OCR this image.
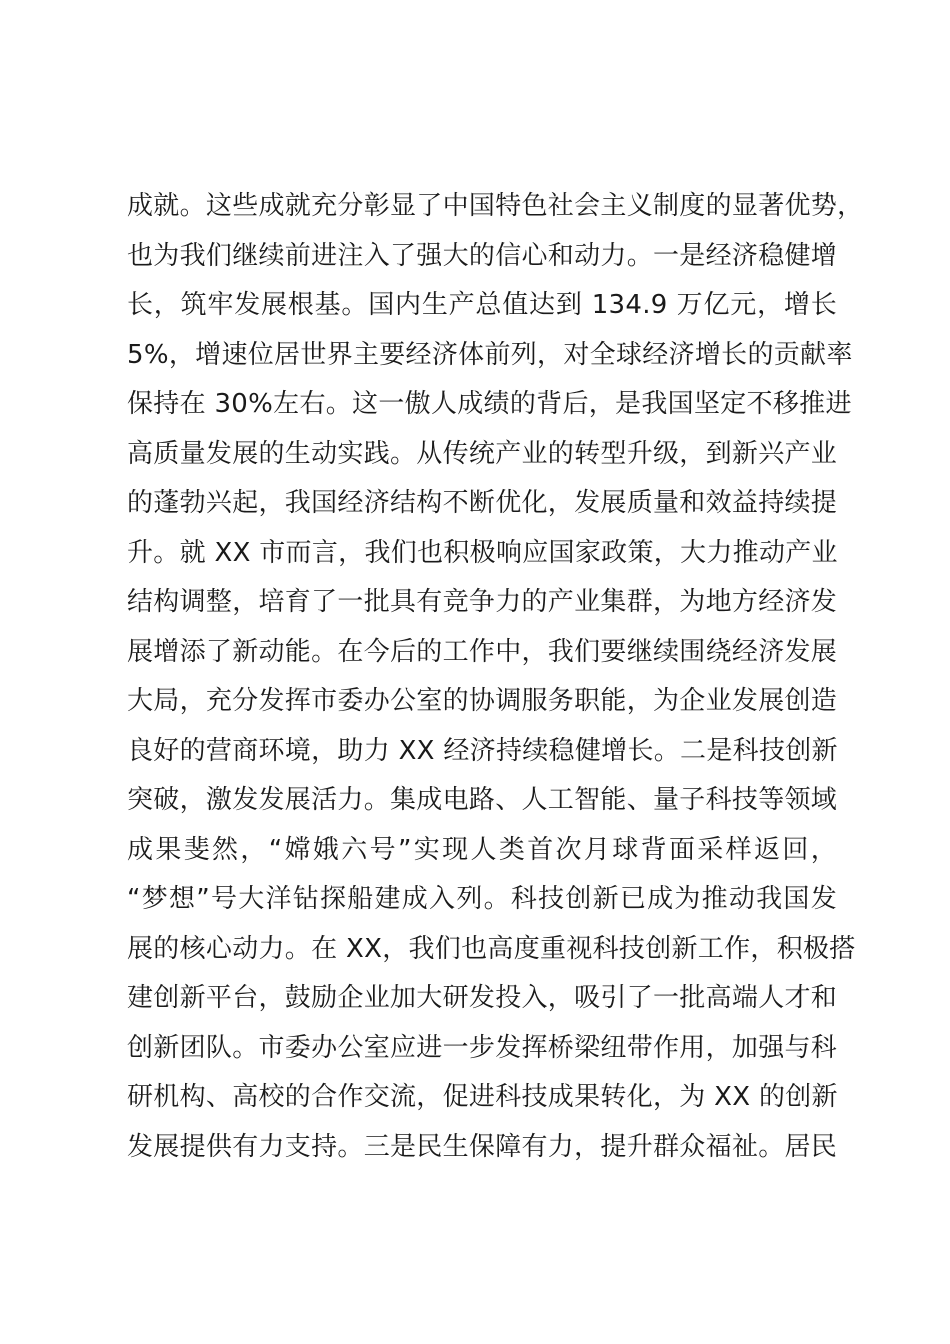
成就。这些成就充分彰显了中国特色社会主义制度的显著优势，
也为我们继续前进注入了强大的信心和动力。一是经济稳健增
长，筑牢发展根基。国内生产总值达到 134.9 万亿元，增长
5%，增速位居世界主要经济体前列，对全球经济增长的贡献率
保持在 30%左右。这一傲人成绩的背后，是我国坚定不移推进
高质量发展的生动实践。从传统产业的转型升级，到新兴产业
的蓬勃兴起，我国经济结构不断优化，发展质量和效益持续提
升。就 XX 市而言，我们也积极响应国家政策，大力推动产业
结构调整，培育了一批具有竞争力的产业集群，为地方经济发
展增添了新动能。在今后的工作中，我们要继续围绕经济发展
大局，充分发挥市委办公室的协调服务职能，为企业发展创造
良好的营商环境，助力 XX 经济持续稳健增长。二是科技创新
突破，激发发展活力。集成电路、人工智能、量子科技等领域
成果斐然，“嫦娥六号”实现人类首次月球背面采样返回，
“梦想”号大洋钻探船建成入列。科技创新已成为推动我国发
展的核心动力。在 XX，我们也高度重视科技创新工作，积极搭
建创新平台，鼓励企业加大研发投入，吸引了一批高端人才和
创新团队。市委办公室应进一步发挥桥梁纽带作用，加强与科
研机构、高校的合作交流，促进科技成果转化，为 XX 的创新
发展提供有力支持。三是民生保障有力，提升群众福祉。居民
